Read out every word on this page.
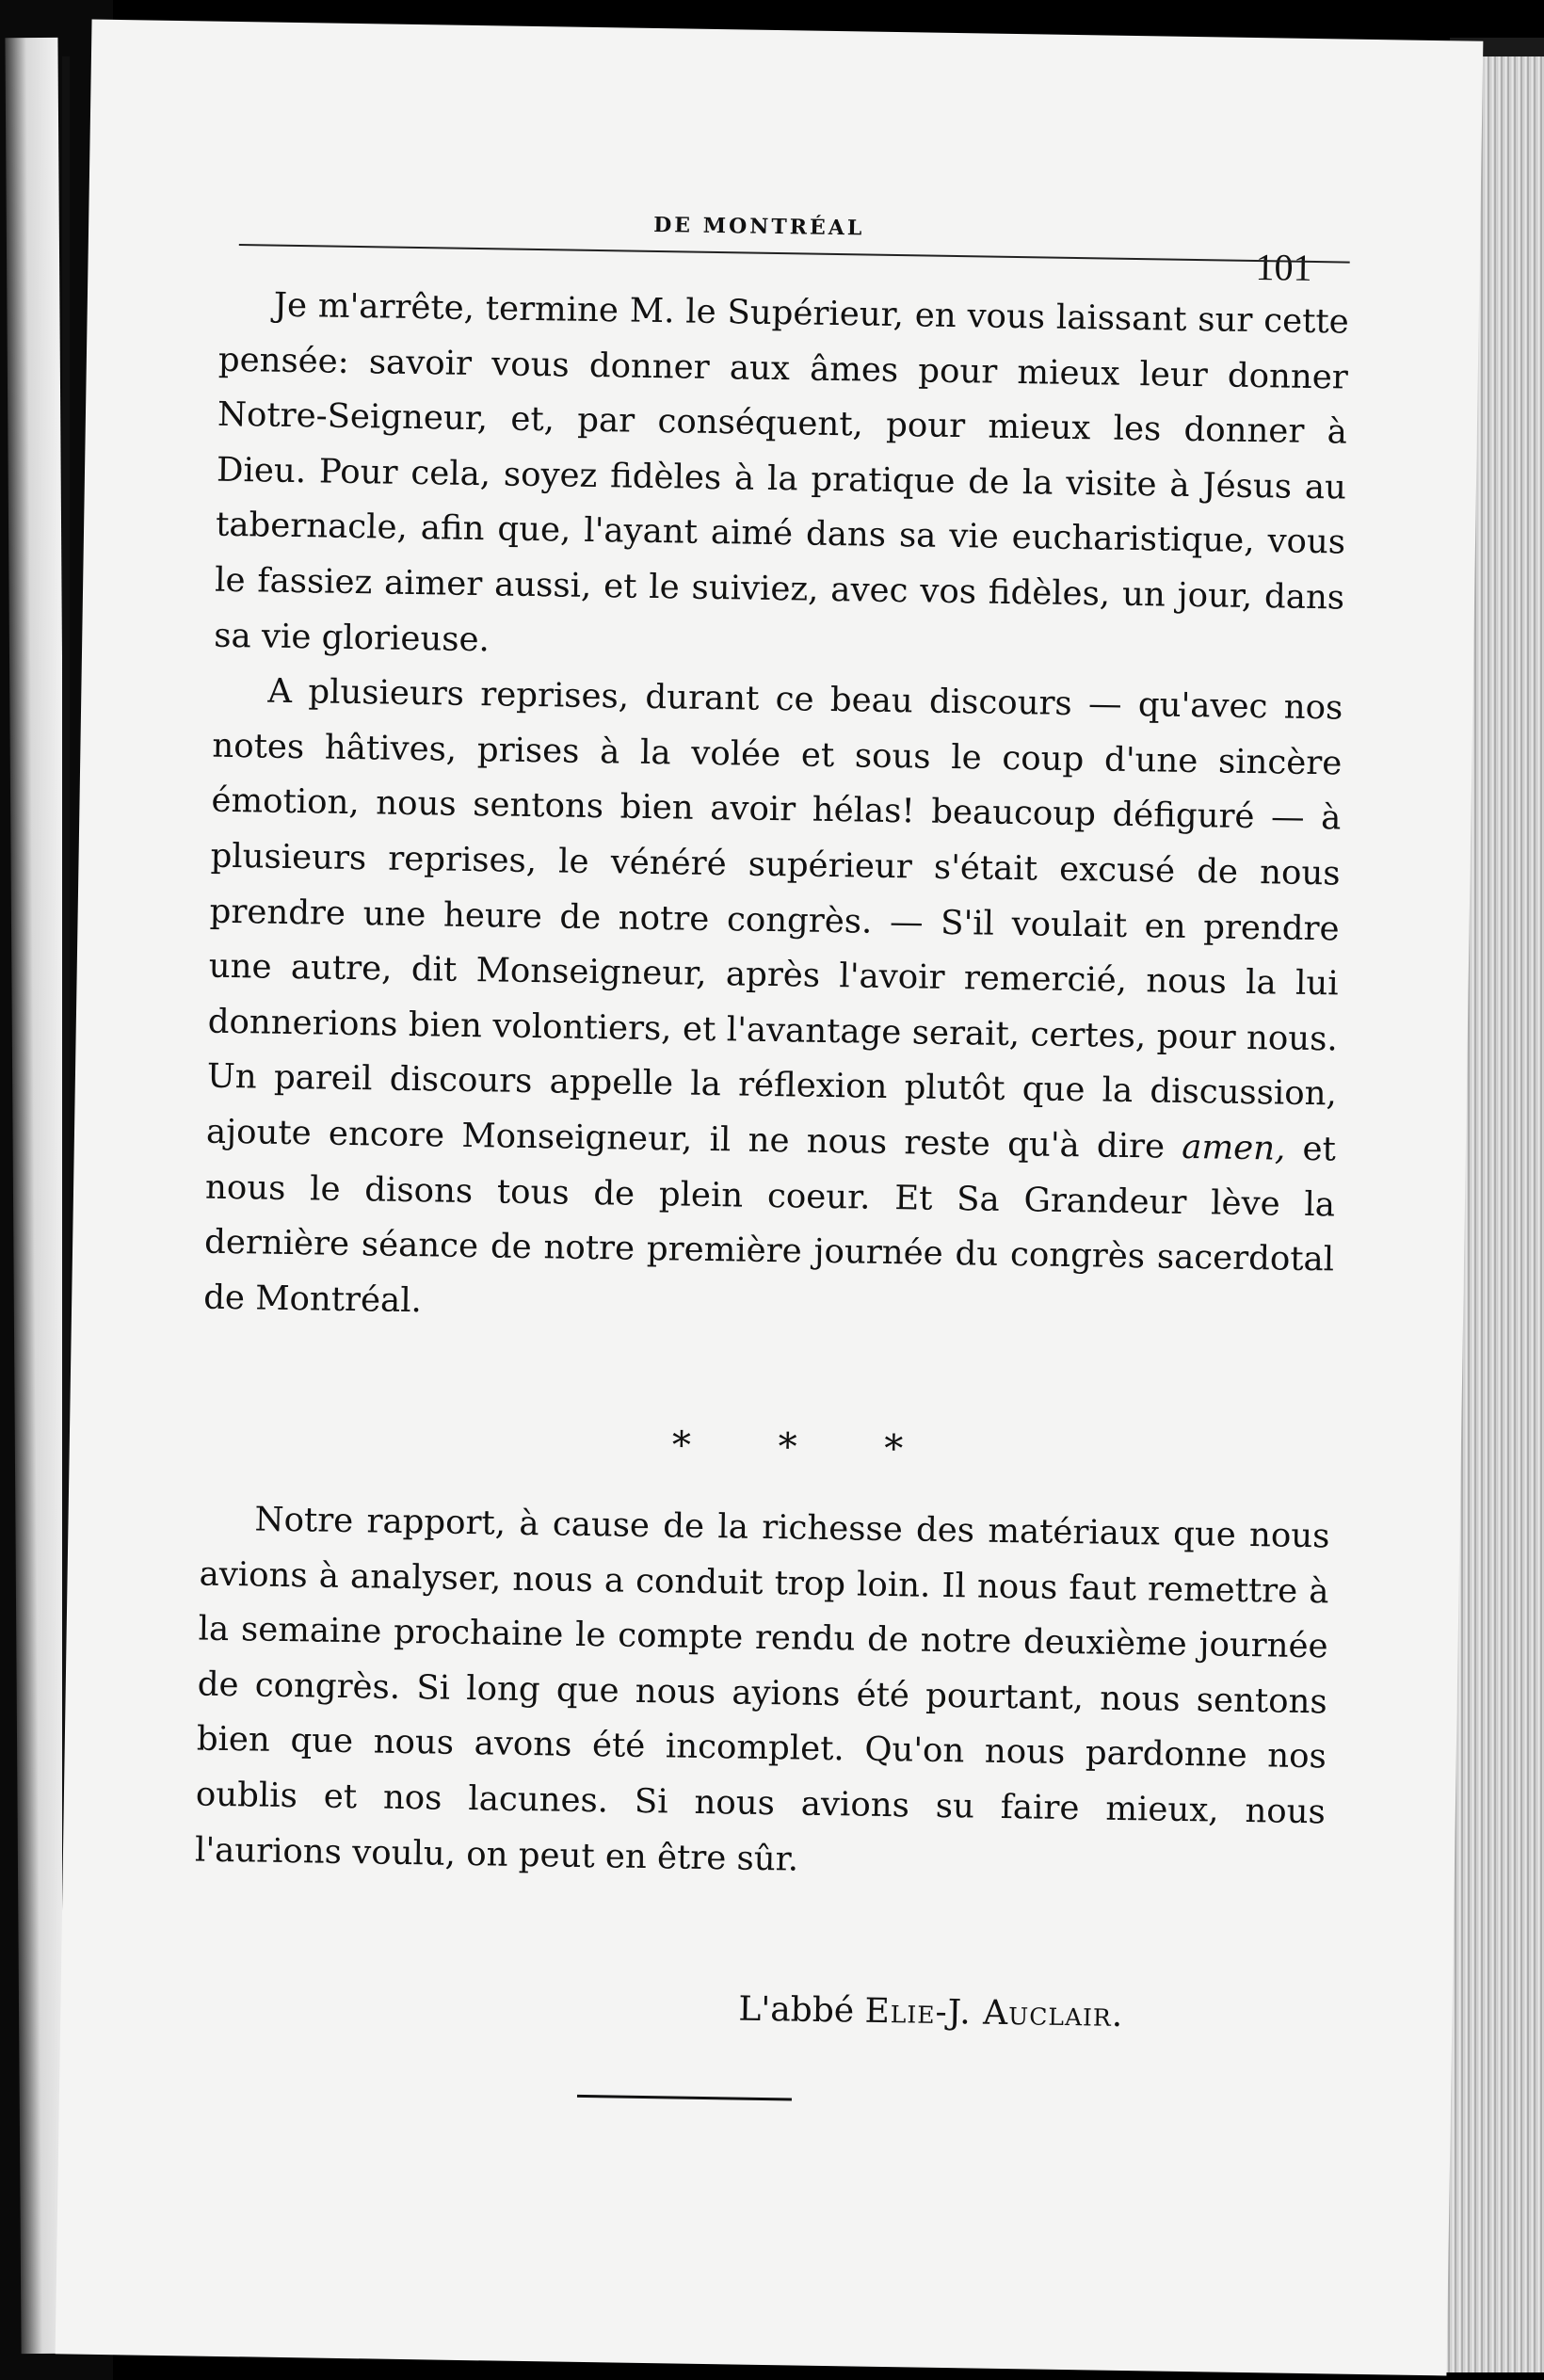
DE MONTRÉAL
101

Je m'arrête, termine M. le Supérieur, en vous laissant sur cette pensée: savoir vous donner aux âmes pour mieux leur donner Notre-Seigneur, et, par conséquent, pour mieux les donner à Dieu. Pour cela, soyez fidèles à la pratique de la visite à Jésus au tabernacle, afin que, l'ayant aimé dans sa vie eucharistique, vous le fassiez aimer aussi, et le suiviez, avec vos fidèles, un jour, dans sa vie glorieuse.

A plusieurs reprises, durant ce beau discours — qu'avec nos notes hâtives, prises à la volée et sous le coup d'une sincère émotion, nous sentons bien avoir hélas! beaucoup défiguré — à plusieurs reprises, le vénéré supérieur s'était excusé de nous prendre une heure de notre congrès. — S'il voulait en prendre une autre, dit Monseigneur, après l'avoir remercié, nous la lui donnerions bien volontiers, et l'avantage serait, certes, pour nous. Un pareil discours appelle la réflexion plutôt que la discussion, ajoute encore Monseigneur, il ne nous reste qu'à dire amen, et nous le disons tous de plein coeur. Et Sa Grandeur lève la dernière séance de notre première journée du congrès sacerdotal de Montréal.

* * *

Notre rapport, à cause de la richesse des matériaux que nous avions à analyser, nous a conduit trop loin. Il nous faut remettre à la semaine prochaine le compte rendu de notre deuxième journée de congrès. Si long que nous ayions été pourtant, nous sentons bien que nous avons été incomplet. Qu'on nous pardonne nos oublis et nos lacunes. Si nous avions su faire mieux, nous l'aurions voulu, on peut en être sûr.

L'abbé Elie-J. Auclair.
